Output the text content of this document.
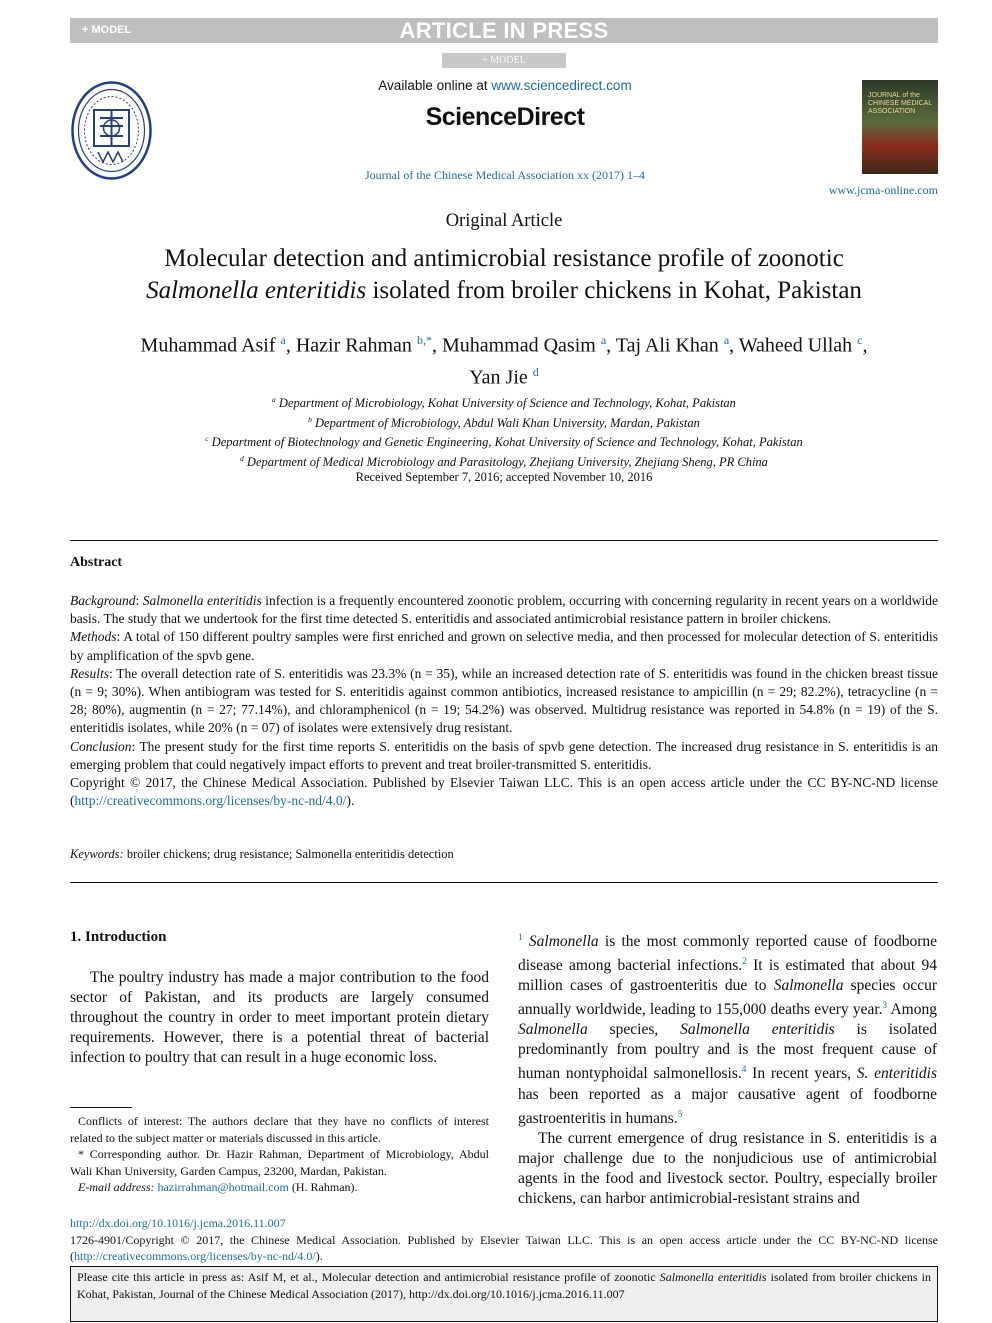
+ MODEL	ARTICLE IN PRESS
+ MODEL
Available online at www.sciencedirect.com
ScienceDirect
Journal of the Chinese Medical Association xx (2017) 1–4
JOURNAL of the CHINESE MEDICAL ASSOCIATION
www.jcma-online.com
Original Article
Molecular detection and antimicrobial resistance profile of zoonotic
Salmonella enteritidis isolated from broiler chickens in Kohat, Pakistan
Muhammad Asif $^a$, Hazir Rahman $^{b,*}$, Muhammad Qasim $^a$, Taj Ali Khan $^a$, Waheed Ullah $^c$,
Yan Jie $^d$
$^a$ Department of Microbiology, Kohat University of Science and Technology, Kohat, Pakistan
$^b$ Department of Microbiology, Abdul Wali Khan University, Mardan, Pakistan
$^c$ Department of Biotechnology and Genetic Engineering, Kohat University of Science and Technology, Kohat, Pakistan
$^d$ Department of Medical Microbiology and Parasitology, Zhejiang University, Zhejiang Sheng, PR China
Received September 7, 2016; accepted November 10, 2016
Abstract

Background: Salmonella enteritidis infection is a frequently encountered zoonotic problem, occurring with concerning regularity in recent years on a worldwide basis. The study that we undertook for the first time detected S. enteritidis and associated antimicrobial resistance pattern in broiler chickens.

Methods: A total of 150 different poultry samples were first enriched and grown on selective media, and then processed for molecular detection of S. enteritidis by amplification of the spvb gene.

Results: The overall detection rate of S. enteritidis was 23.3% (n = 35), while an increased detection rate of S. enteritidis was found in the chicken breast tissue (n = 9; 30%). When antibiogram was tested for S. enteritidis against common antibiotics, increased resistance to ampicillin (n = 29; 82.2%), tetracycline (n = 28; 80%), augmentin (n = 27; 77.14%), and chloramphenicol (n = 19; 54.2%) was observed. Multidrug resistance was reported in 54.8% (n = 19) of the S. enteritidis isolates, while 20% (n = 07) of isolates were extensively drug resistant.

Conclusion: The present study for the first time reports S. enteritidis on the basis of spvb gene detection. The increased drug resistance in S. enteritidis is an emerging problem that could negatively impact efforts to prevent and treat broiler-transmitted S. enteritidis.

Copyright © 2017, the Chinese Medical Association. Published by Elsevier Taiwan LLC. This is an open access article under the CC BY-NC-ND license (http://creativecommons.org/licenses/by-nc-nd/4.0/).

Keywords: broiler chickens; drug resistance; Salmonella enteritidis detection
1. Introduction

The poultry industry has made a major contribution to the food sector of Pakistan, and its products are largely consumed throughout the country in order to meet important protein dietary requirements. However, there is a potential threat of bacterial infection to poultry that can result in a huge economic loss.

$^1$ Salmonella is the most commonly reported cause of foodborne disease among bacterial infections.$^2$ It is estimated that about 94 million cases of gastroenteritis due to Salmonella species occur annually worldwide, leading to 155,000 deaths every year.$^3$ Among Salmonella species, Salmonella enteritidis is isolated predominantly from poultry and is the most frequent cause of human nontyphoidal salmonellosis.$^4$ In recent years, S. enteritidis has been reported as a major causative agent of foodborne gastroenteritis in humans.$^5$

The current emergence of drug resistance in S. enteritidis is a major challenge due to the nonjudicious use of antimicrobial agents in the food and livestock sector. Poultry, especially broiler chickens, can harbor antimicrobial-resistant strains and

Conflicts of interest: The authors declare that they have no conflicts of interest related to the subject matter or materials discussed in this article.

* Corresponding author. Dr. Hazir Rahman, Department of Microbiology, Abdul Wali Khan University, Garden Campus, 23200, Mardan, Pakistan.

E-mail address: hazirrahman@hotmail.com (H. Rahman).

http://dx.doi.org/10.1016/j.jcma.2016.11.007

1726-4901/Copyright © 2017, the Chinese Medical Association. Published by Elsevier Taiwan LLC. This is an open access article under the CC BY-NC-ND license (http://creativecommons.org/licenses/by-nc-nd/4.0/).

Please cite this article in press as: Asif M, et al., Molecular detection and antimicrobial resistance profile of zoonotic Salmonella enteritidis isolated from broiler chickens in Kohat, Pakistan, Journal of the Chinese Medical Association (2017), http://dx.doi.org/10.1016/j.jcma.2016.11.007
